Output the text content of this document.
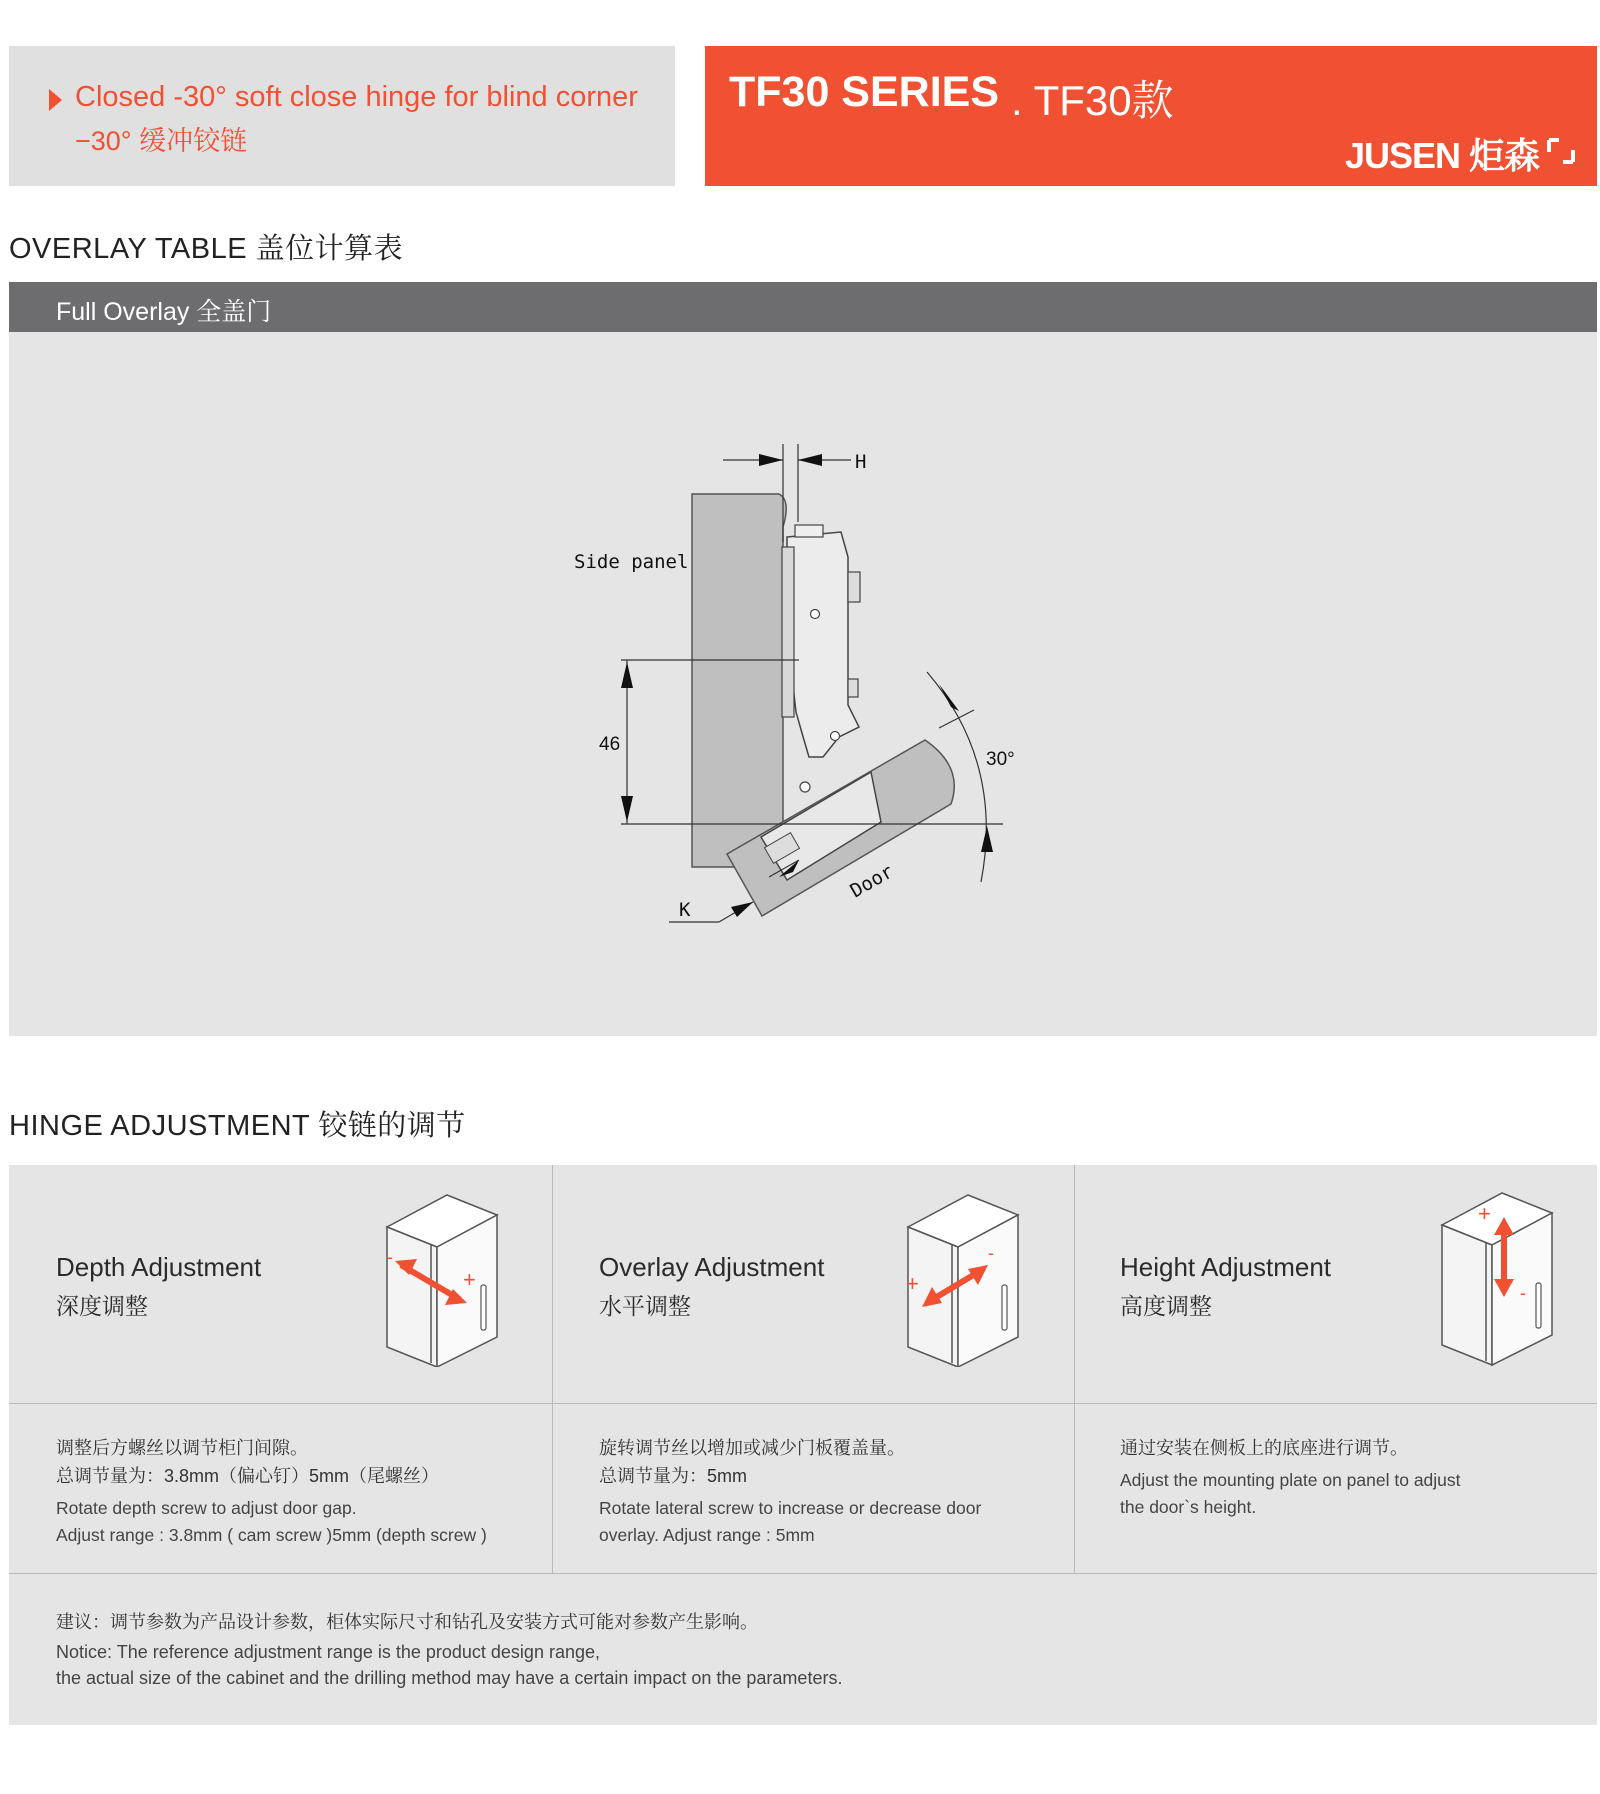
Closed -30° soft close hinge for blind corner
−30° 缓冲铰链
TF30 SERIES . TF30款
JUSEN 炬森
OVERLAY TABLE 盖位计算表
Full Overlay 全盖门
H
46
Side panel
Door
30°
K
HINGE ADJUSTMENT 铰链的调节
Depth Adjustment
深度调整
-
+
调整后方螺丝以调节柜门间隙。
总调节量为：3.8mm（偏心钉）5mm（尾螺丝）
Rotate depth screw to adjust door gap.
Adjust range : 3.8mm ( cam screw )5mm (depth screw )
Overlay Adjustment
水平调整
+
-
旋转调节丝以增加或减少门板覆盖量。
总调节量为：5mm
Rotate lateral screw to increase or decrease door
overlay. Adjust range : 5mm
Height Adjustment
高度调整
+
-
通过安装在侧板上的底座进行调节。
Adjust the mounting plate on panel to adjust
the door`s height.
建议：调节参数为产品设计参数，柜体实际尺寸和钻孔及安装方式可能对参数产生影响。
Notice: The reference adjustment range is the product design range,
the actual size of the cabinet and the drilling method may have a certain impact on the parameters.
